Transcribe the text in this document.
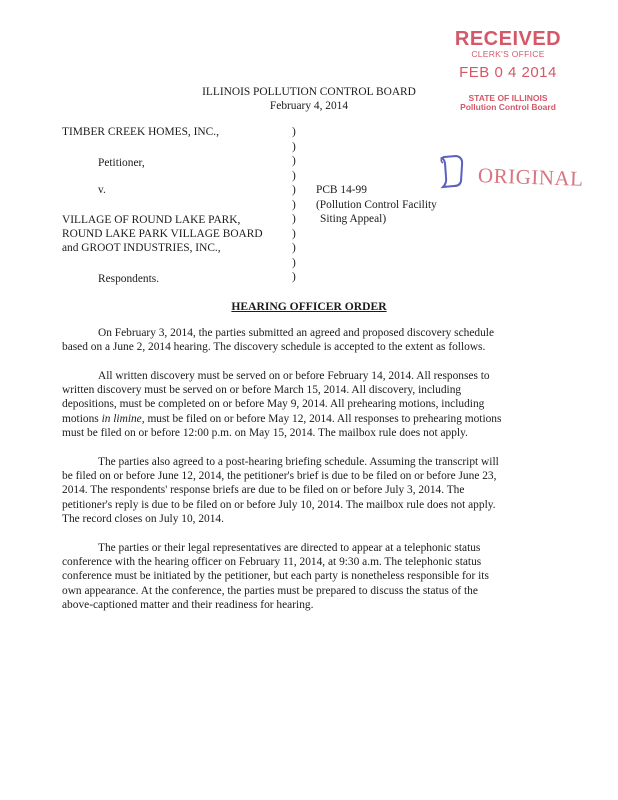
RECEIVED
CLERK'S OFFICE
FEB 0 4 2014
STATE OF ILLINOIS
Pollution Control Board
ORIGINAL
ILLINOIS POLLUTION CONTROL BOARD
February 4, 2014
TIMBER CREEK HOMES, INC.,
Petitioner,
v.
VILLAGE OF ROUND LAKE PARK,
ROUND LAKE PARK VILLAGE BOARD
and GROOT INDUSTRIES, INC.,
Respondents.
)
)
)
)
)
)
)
)
)
)
)
PCB 14-99
(Pollution Control Facility
Siting Appeal)
HEARING OFFICER ORDER
On February 3, 2014, the parties submitted an agreed and proposed discovery schedule
based on a June 2, 2014 hearing. The discovery schedule is accepted to the extent as follows.
All written discovery must be served on or before February 14, 2014. All responses to
written discovery must be served on or before March 15, 2014. All discovery, including
depositions, must be completed on or before May 9, 2014. All prehearing motions, including
motions in limine, must be filed on or before May 12, 2014. All responses to prehearing motions
must be filed on or before 12:00 p.m. on May 15, 2014. The mailbox rule does not apply.
The parties also agreed to a post-hearing briefing schedule. Assuming the transcript will
be filed on or before June 12, 2014, the petitioner's brief is due to be filed on or before June 23,
2014. The respondents' response briefs are due to be filed on or before July 3, 2014. The
petitioner's reply is due to be filed on or before July 10, 2014. The mailbox rule does not apply.
The record closes on July 10, 2014.
The parties or their legal representatives are directed to appear at a telephonic status
conference with the hearing officer on February 11, 2014, at 9:30 a.m. The telephonic status
conference must be initiated by the petitioner, but each party is nonetheless responsible for its
own appearance. At the conference, the parties must be prepared to discuss the status of the
above-captioned matter and their readiness for hearing.
